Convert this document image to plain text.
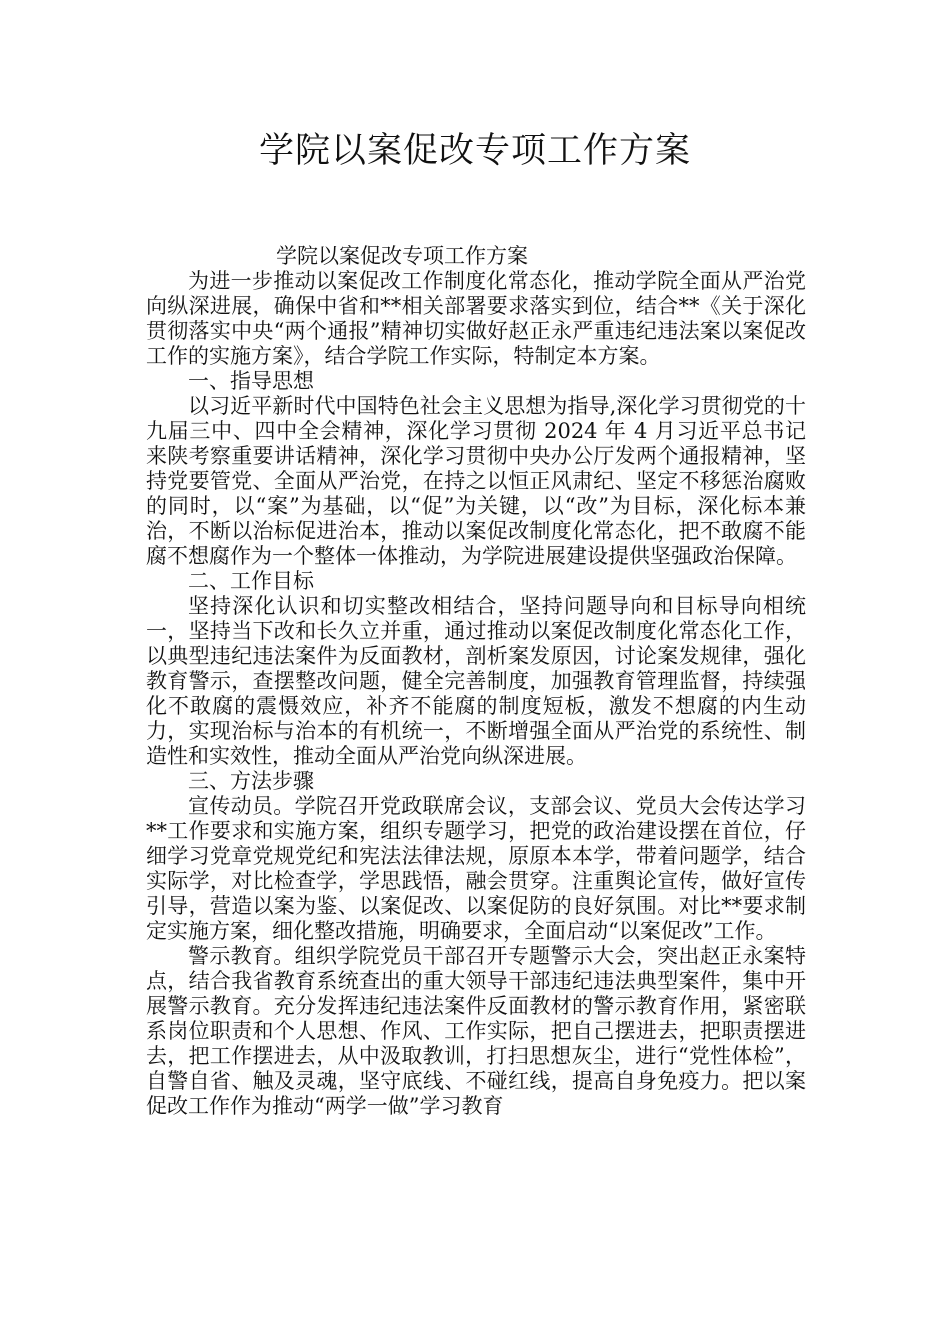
学院以案促改专项工作方案

学院以案促改专项工作方案

为进一步推动以案促改工作制度化常态化，推动学院全面从严治党向纵深进展，确保中省和**相关部署要求落实到位，结合**《关于深化贯彻落实中央“两个通报”精神切实做好赵正永严重违纪违法案以案促改工作的实施方案》，结合学院工作实际，特制定本方案。

一、指导思想

以习近平新时代中国特色社会主义思想为指导,深化学习贯彻党的十九届三中、四中全会精神，深化学习贯彻 2024 年 4 月习近平总书记来陕考察重要讲话精神，深化学习贯彻中央办公厅发两个通报精神，坚持党要管党、全面从严治党，在持之以恒正风肃纪、坚定不移惩治腐败的同时，以“案”为基础，以“促”为关键，以“改”为目标，深化标本兼治，不断以治标促进治本，推动以案促改制度化常态化，把不敢腐不能腐不想腐作为一个整体一体推动，为学院进展建设提供坚强政治保障。

二、工作目标

坚持深化认识和切实整改相结合，坚持问题导向和目标导向相统一，坚持当下改和长久立并重，通过推动以案促改制度化常态化工作，以典型违纪违法案件为反面教材，剖析案发原因，讨论案发规律，强化教育警示，查摆整改问题，健全完善制度，加强教育管理监督，持续强化不敢腐的震慑效应，补齐不能腐的制度短板，激发不想腐的内生动力，实现治标与治本的有机统一，不断增强全面从严治党的系统性、制造性和实效性，推动全面从严治党向纵深进展。

三、方法步骤

宣传动员。学院召开党政联席会议，支部会议、党员大会传达学习**工作要求和实施方案，组织专题学习，把党的政治建设摆在首位，仔细学习党章党规党纪和宪法法律法规，原原本本学，带着问题学，结合实际学，对比检查学，学思践悟，融会贯穿。注重舆论宣传，做好宣传引导，营造以案为鉴、以案促改、以案促防的良好氛围。对比**要求制定实施方案，细化整改措施，明确要求，全面启动“以案促改”工作。

警示教育。组织学院党员干部召开专题警示大会，突出赵正永案特点，结合我省教育系统查出的重大领导干部违纪违法典型案件，集中开展警示教育。充分发挥违纪违法案件反面教材的警示教育作用，紧密联系岗位职责和个人思想、作风、工作实际，把自己摆进去，把职责摆进去，把工作摆进去，从中汲取教训，打扫思想灰尘，进行“党性体检”，自警自省、触及灵魂，坚守底线、不碰红线，提高自身免疫力。把以案促改工作作为推动“两学一做”学习教育
